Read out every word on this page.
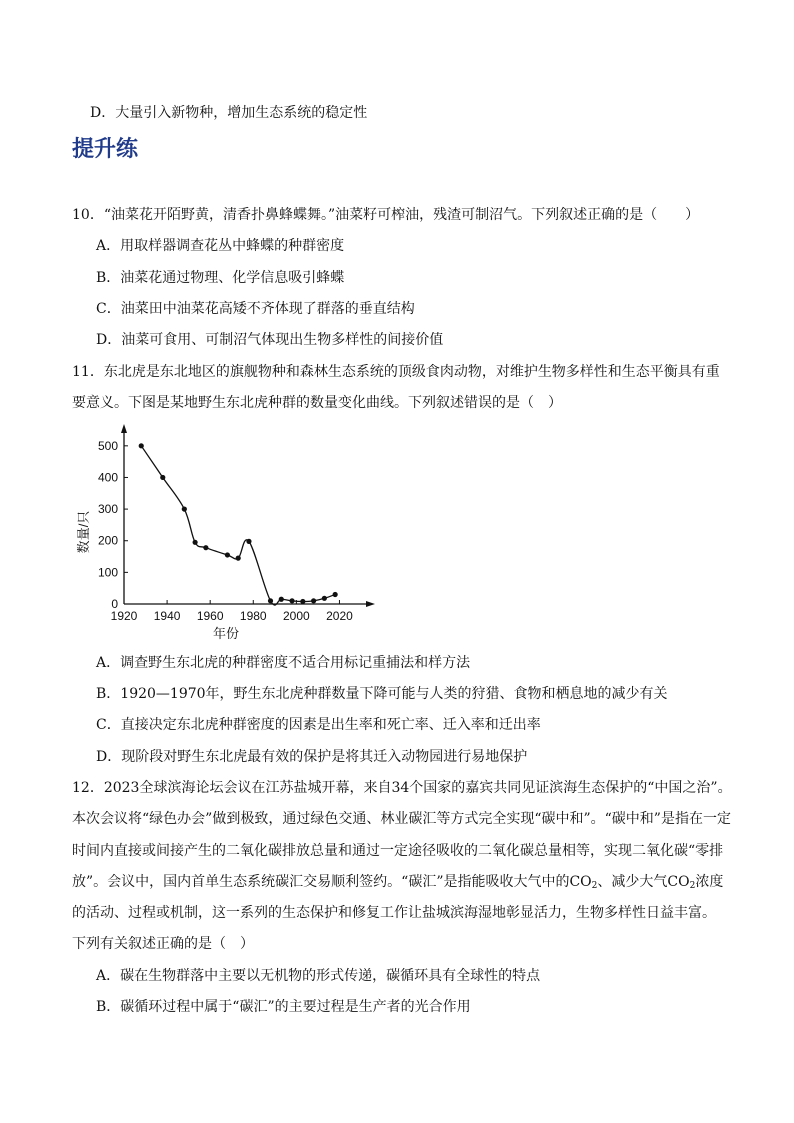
D．大量引入新物种，增加生态系统的稳定性
提升练
10．“油菜花开陌野黄，清香扑鼻蜂蝶舞。”油菜籽可榨油，残渣可制沼气。下列叙述正确的是（　　）
A．用取样器调查花丛中蜂蝶的种群密度
B．油菜花通过物理、化学信息吸引蜂蝶
C．油菜田中油菜花高矮不齐体现了群落的垂直结构
D．油菜可食用、可制沼气体现出生物多样性的间接价值
11．东北虎是东北地区的旗舰物种和森林生态系统的顶级食肉动物，对维护生物多样性和生态平衡具有重
要意义。下图是某地野生东北虎种群的数量变化曲线。下列叙述错误的是（　）
0
100
200
300
400
500
1920 1940 1960 1980 2000 2020
数量/只
年份
A．调查野生东北虎的种群密度不适合用标记重捕法和样方法
B．1920—1970年，野生东北虎种群数量下降可能与人类的狩猎、食物和栖息地的减少有关
C．直接决定东北虎种群密度的因素是出生率和死亡率、迁入率和迁出率
D．现阶段对野生东北虎最有效的保护是将其迁入动物园进行易地保护
12．2023全球滨海论坛会议在江苏盐城开幕，来自34个国家的嘉宾共同见证滨海生态保护的“中国之治”。
本次会议将“绿色办会”做到极致，通过绿色交通、林业碳汇等方式完全实现“碳中和”。“碳中和”是指在一定
时间内直接或间接产生的二氧化碳排放总量和通过一定途径吸收的二氧化碳总量相等，实现二氧化碳“零排
放”。会议中，国内首单生态系统碳汇交易顺利签约。“碳汇”是指能吸收大气中的$CO_2$、减少大气$CO_2$浓度
的活动、过程或机制，这一系列的生态保护和修复工作让盐城滨海湿地彰显活力，生物多样性日益丰富。
下列有关叙述正确的是（　）
A．碳在生物群落中主要以无机物的形式传递，碳循环具有全球性的特点
B．碳循环过程中属于“碳汇”的主要过程是生产者的光合作用
